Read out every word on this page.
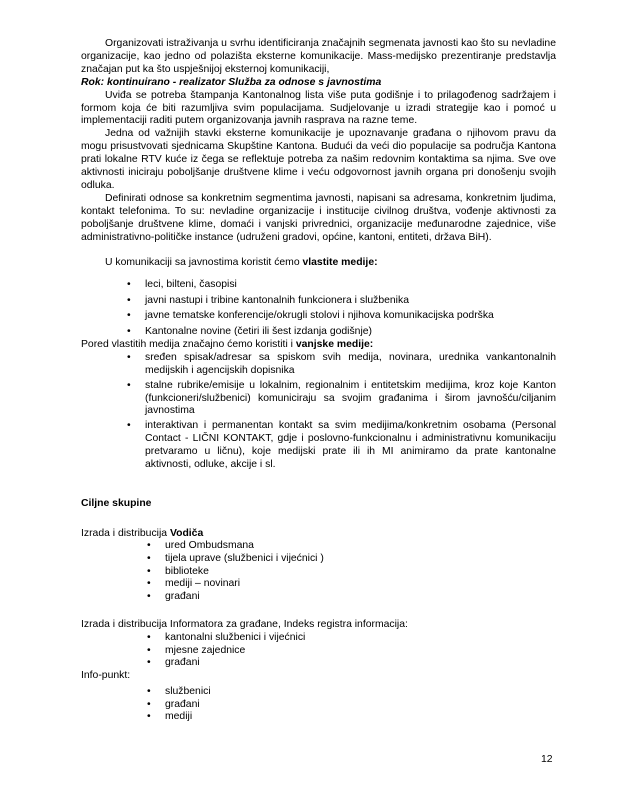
Organizovati istraživanja u svrhu identificiranja značajnih segmenata javnosti kao što su nevladine organizacije, kao jedno od polazišta eksterne komunikacije. Mass-medijsko prezentiranje predstavlja značajan put ka što uspješnijoj eksternoj komunikaciji,

Rok: kontinuirano - realizator Služba za odnose s javnostima

Uviđa se potreba štampanja Kantonalnog lista više puta godišnje i to prilagođenog sadržajem i formom koja će biti razumljiva svim populacijama. Sudjelovanje u izradi strategije kao i pomoć u implementaciji raditi putem organizovanja javnih rasprava na razne teme.

Jedna od važnijih stavki eksterne komunikacije je upoznavanje građana o njihovom pravu da mogu prisustvovati sjednicama Skupštine Kantona. Budući da veći dio populacije sa područja Kantona prati lokalne RTV kuće iz čega se reflektuje potreba za našim redovnim kontaktima sa njima. Sve ove aktivnosti iniciraju poboljšanje društvene klime i veću odgovornost javnih organa pri donošenju svojih odluka.

Definirati odnose sa konkretnim segmentima javnosti, napisani sa adresama, konkretnim ljudima, kontakt telefonima. To su: nevladine organizacije i institucije civilnog društva, vođenje aktivnosti za poboljšanje društvene klime, domaći i vanjski privrednici, organizacije međunarodne zajednice, više administrativno-političke instance (udruženi gradovi, općine, kantoni, entiteti, država BiH).

U komunikaciji sa javnostima koristit ćemo vlastite medije:

• leci, bilteni, časopisi
• javni nastupi i tribine kantonalnih funkcionera i službenika
• javne tematske konferencije/okrugli stolovi i njihova komunikacijska podrška
• Kantonalne novine (četiri ili šest izdanja godišnje)

Pored vlastitih medija značajno ćemo koristiti i vanjske medije:

• sređen spisak/adresar sa spiskom svih medija, novinara, urednika vankantonalnih medijskih i agencijskih dopisnika
• stalne rubrike/emisije u lokalnim, regionalnim i entitetskim medijima, kroz koje Kanton (funkcioneri/službenici) komuniciraju sa svojim građanima i širom javnošću/ciljanim javnostima
• interaktivan i permanentan kontakt sa svim medijima/konkretnim osobama (Personal Contact - LIČNI KONTAKT, gdje i poslovno-funkcionalnu i administrativnu komunikaciju pretvaramo u ličnu), koje medijski prate ili ih MI animiramo da prate kantonalne aktivnosti, odluke, akcije i sl.

Ciljne skupine

Izrada i distribucija Vodiča

• ured Ombudsmana
• tijela uprave (službenici i vijećnici )
• biblioteke
• mediji – novinari
• građani

Izrada i distribucija Informatora za građane, Indeks registra informacija:

• kantonalni službenici i vijećnici
• mjesne zajednice
• građani

Info-punkt:

• službenici
• građani
• mediji
12
